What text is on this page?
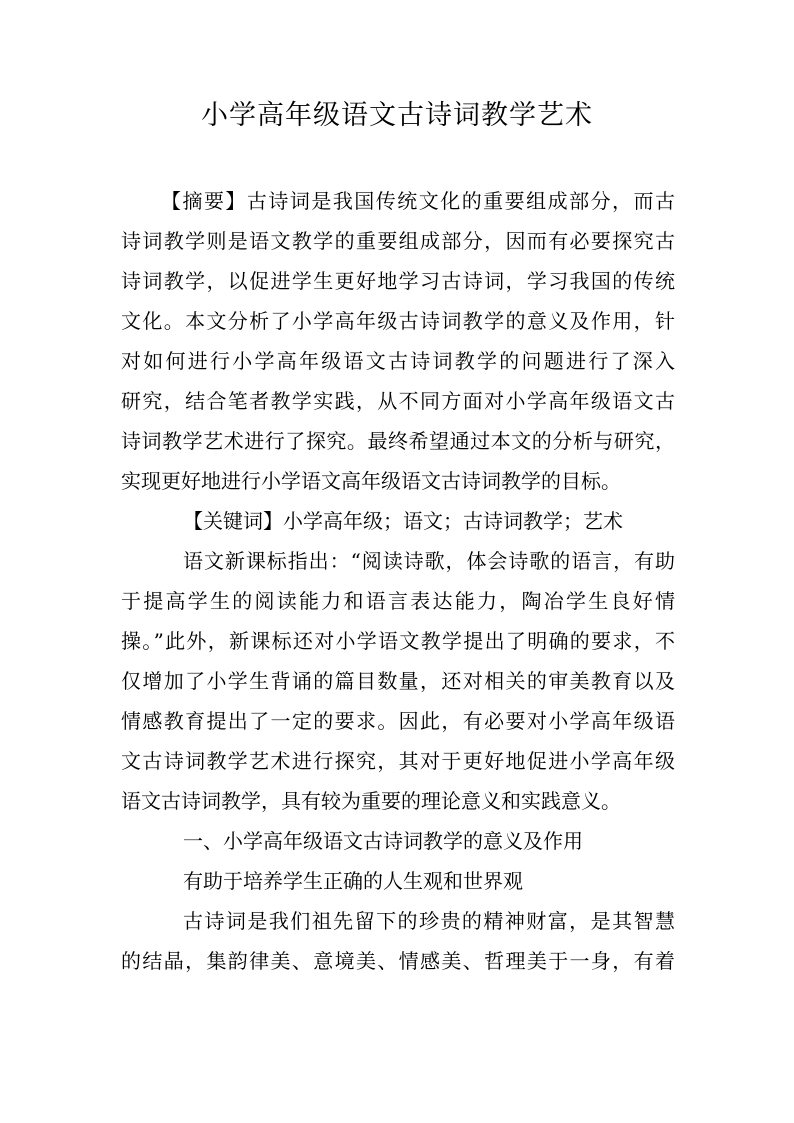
小学高年级语文古诗词教学艺术
【摘要】古诗词是我国传统文化的重要组成部分，而古
诗词教学则是语文教学的重要组成部分，因而有必要探究古
诗词教学，以促进学生更好地学习古诗词，学习我国的传统
文化。本文分析了小学高年级古诗词教学的意义及作用，针
对如何进行小学高年级语文古诗词教学的问题进行了深入
研究，结合笔者教学实践，从不同方面对小学高年级语文古
诗词教学艺术进行了探究。最终希望通过本文的分析与研究，
实现更好地进行小学语文高年级语文古诗词教学的目标。
【关键词】小学高年级；语文；古诗词教学；艺术
语文新课标指出：“阅读诗歌，体会诗歌的语言，有助
于提高学生的阅读能力和语言表达能力，陶冶学生良好情
操。”此外，新课标还对小学语文教学提出了明确的要求，不
仅增加了小学生背诵的篇目数量，还对相关的审美教育以及
情感教育提出了一定的要求。因此，有必要对小学高年级语
文古诗词教学艺术进行探究，其对于更好地促进小学高年级
语文古诗词教学，具有较为重要的理论意义和实践意义。
一、小学高年级语文古诗词教学的意义及作用
有助于培养学生正确的人生观和世界观
古诗词是我们祖先留下的珍贵的精神财富，是其智慧
的结晶，集韵律美、意境美、情感美、哲理美于一身，有着
